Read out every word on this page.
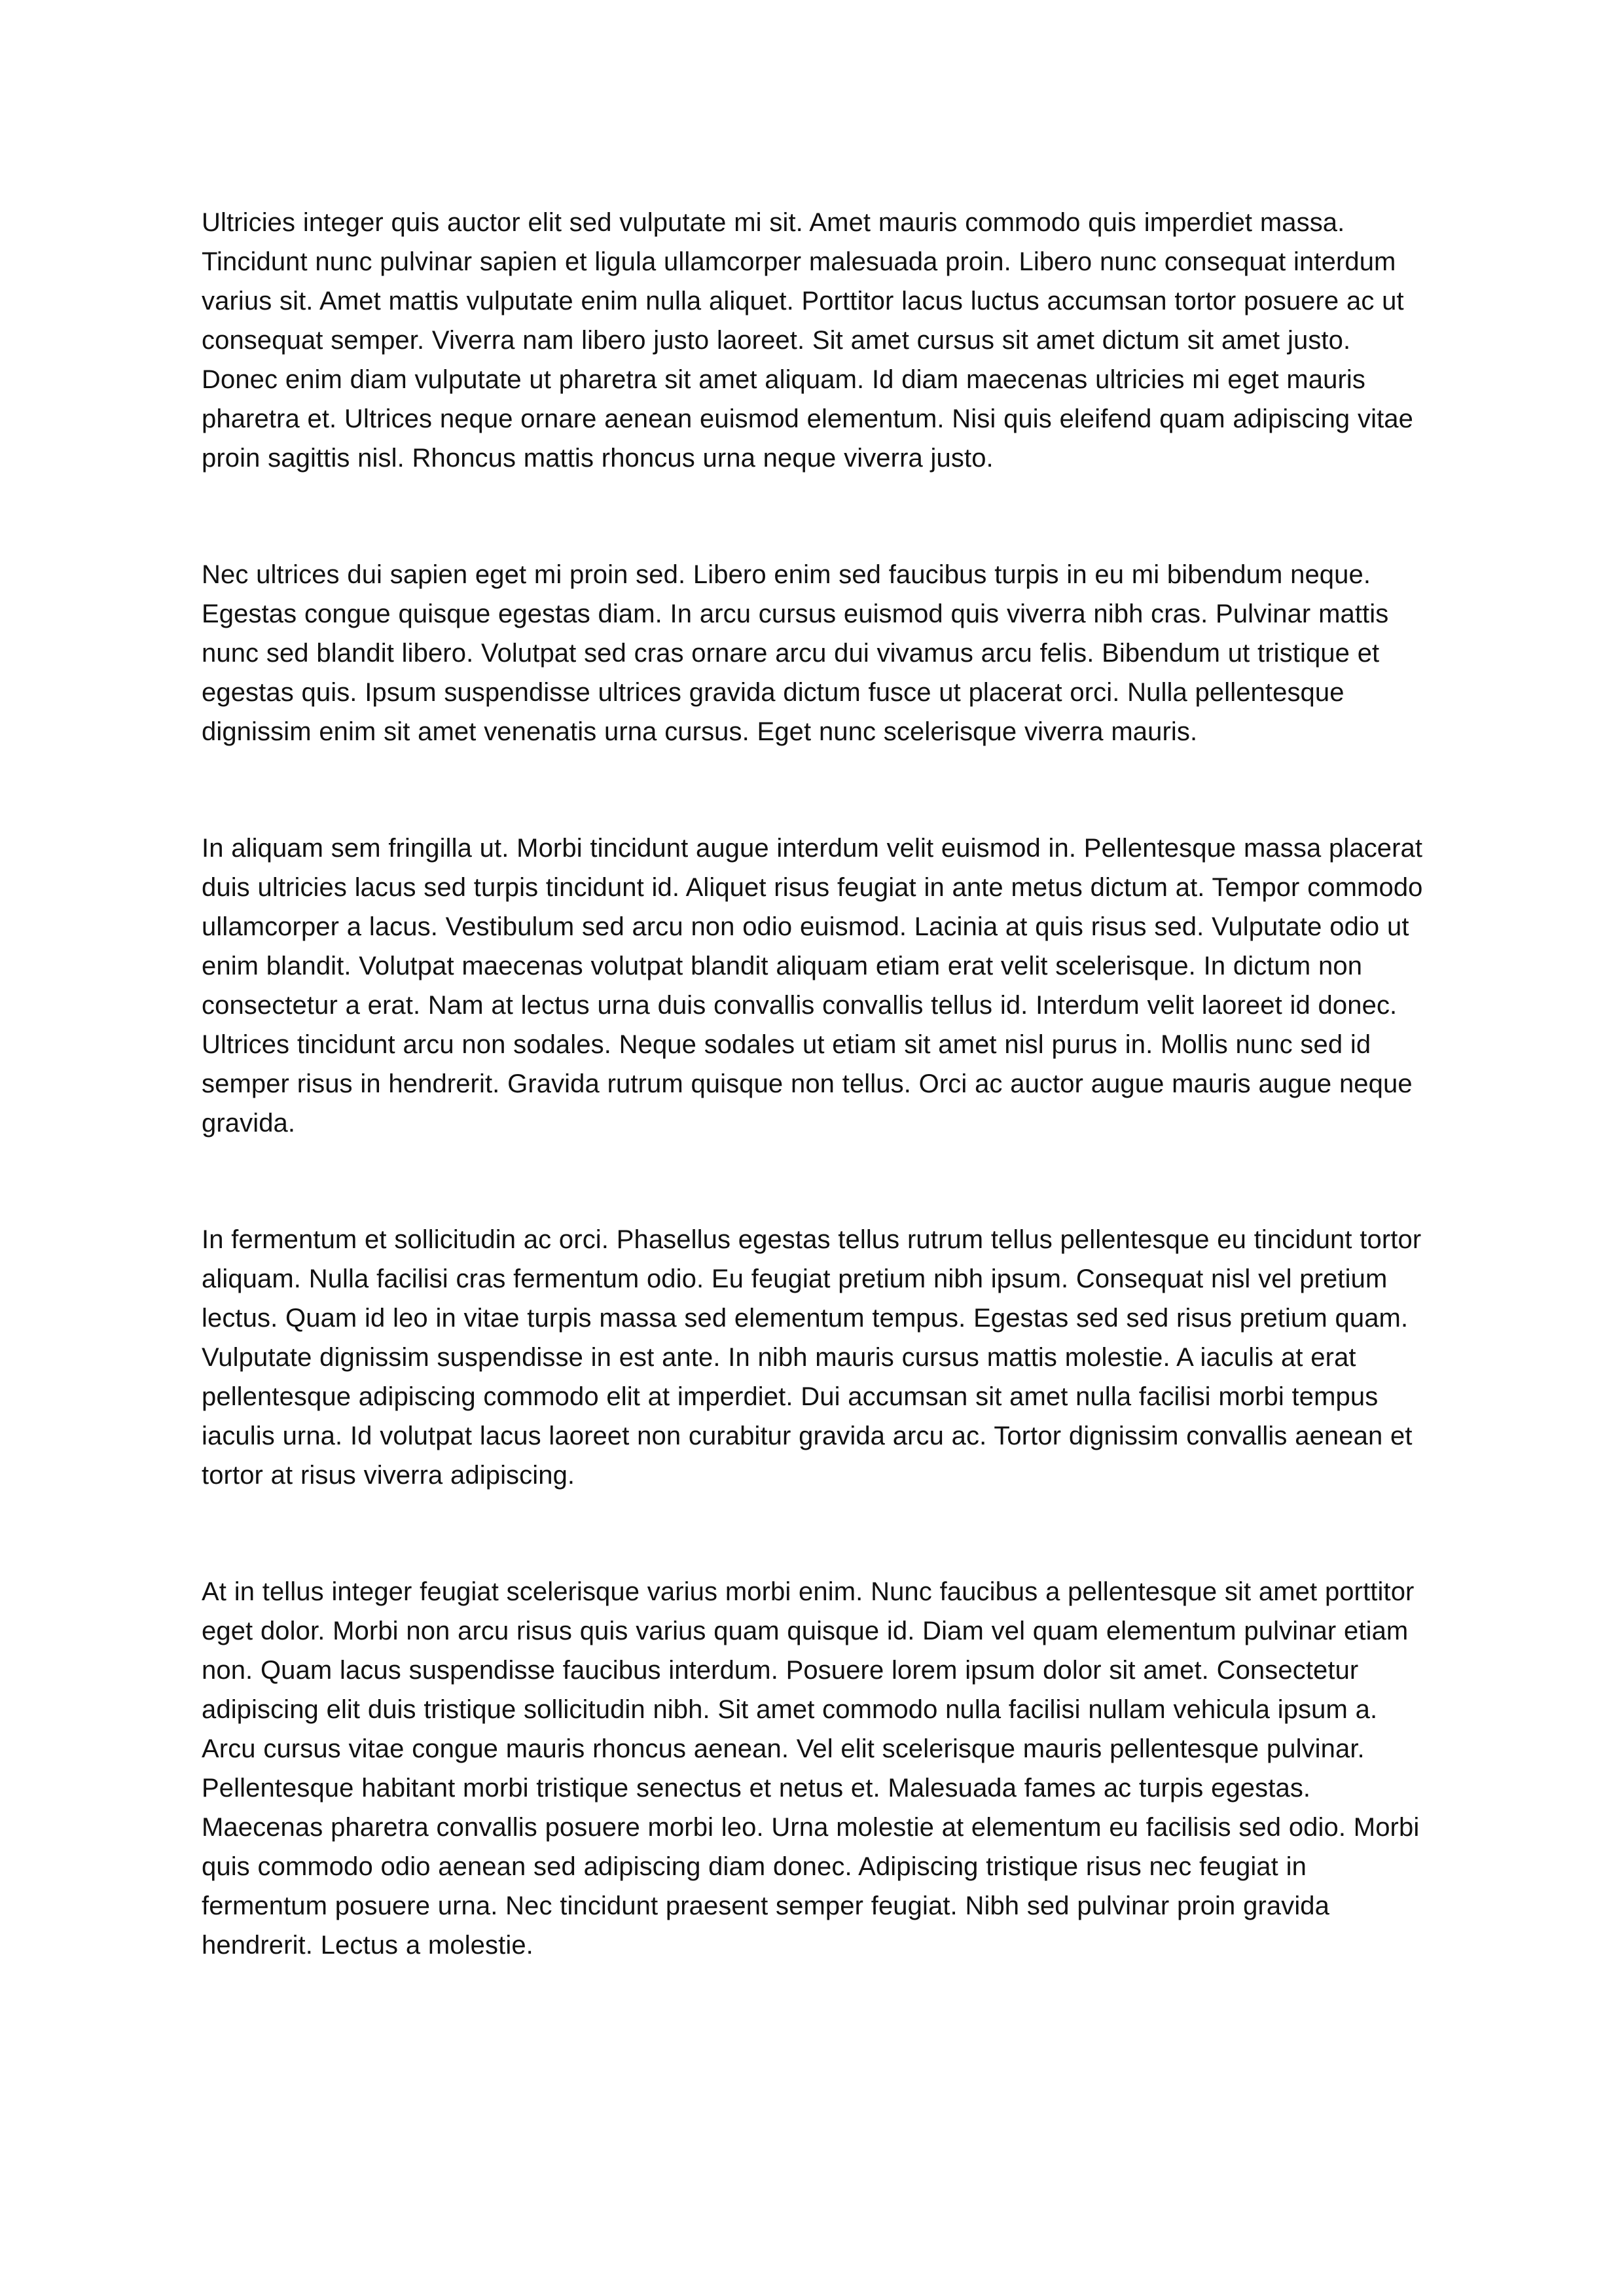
Ultricies integer quis auctor elit sed vulputate mi sit. Amet mauris commodo quis imperdiet massa. Tincidunt nunc pulvinar sapien et ligula ullamcorper malesuada proin. Libero nunc consequat interdum varius sit. Amet mattis vulputate enim nulla aliquet. Porttitor lacus luctus accumsan tortor posuere ac ut consequat semper. Viverra nam libero justo laoreet. Sit amet cursus sit amet dictum sit amet justo. Donec enim diam vulputate ut pharetra sit amet aliquam. Id diam maecenas ultricies mi eget mauris pharetra et. Ultrices neque ornare aenean euismod elementum. Nisi quis eleifend quam adipiscing vitae proin sagittis nisl. Rhoncus mattis rhoncus urna neque viverra justo.

Nec ultrices dui sapien eget mi proin sed. Libero enim sed faucibus turpis in eu mi bibendum neque. Egestas congue quisque egestas diam. In arcu cursus euismod quis viverra nibh cras. Pulvinar mattis nunc sed blandit libero. Volutpat sed cras ornare arcu dui vivamus arcu felis. Bibendum ut tristique et egestas quis. Ipsum suspendisse ultrices gravida dictum fusce ut placerat orci. Nulla pellentesque dignissim enim sit amet venenatis urna cursus. Eget nunc scelerisque viverra mauris.

In aliquam sem fringilla ut. Morbi tincidunt augue interdum velit euismod in. Pellentesque massa placerat duis ultricies lacus sed turpis tincidunt id. Aliquet risus feugiat in ante metus dictum at. Tempor commodo ullamcorper a lacus. Vestibulum sed arcu non odio euismod. Lacinia at quis risus sed. Vulputate odio ut enim blandit. Volutpat maecenas volutpat blandit aliquam etiam erat velit scelerisque. In dictum non consectetur a erat. Nam at lectus urna duis convallis convallis tellus id. Interdum velit laoreet id donec. Ultrices tincidunt arcu non sodales. Neque sodales ut etiam sit amet nisl purus in. Mollis nunc sed id semper risus in hendrerit. Gravida rutrum quisque non tellus. Orci ac auctor augue mauris augue neque gravida.

In fermentum et sollicitudin ac orci. Phasellus egestas tellus rutrum tellus pellentesque eu tincidunt tortor aliquam. Nulla facilisi cras fermentum odio. Eu feugiat pretium nibh ipsum. Consequat nisl vel pretium lectus. Quam id leo in vitae turpis massa sed elementum tempus. Egestas sed sed risus pretium quam. Vulputate dignissim suspendisse in est ante. In nibh mauris cursus mattis molestie. A iaculis at erat pellentesque adipiscing commodo elit at imperdiet. Dui accumsan sit amet nulla facilisi morbi tempus iaculis urna. Id volutpat lacus laoreet non curabitur gravida arcu ac. Tortor dignissim convallis aenean et tortor at risus viverra adipiscing.

At in tellus integer feugiat scelerisque varius morbi enim. Nunc faucibus a pellentesque sit amet porttitor eget dolor. Morbi non arcu risus quis varius quam quisque id. Diam vel quam elementum pulvinar etiam non. Quam lacus suspendisse faucibus interdum. Posuere lorem ipsum dolor sit amet. Consectetur adipiscing elit duis tristique sollicitudin nibh. Sit amet commodo nulla facilisi nullam vehicula ipsum a. Arcu cursus vitae congue mauris rhoncus aenean. Vel elit scelerisque mauris pellentesque pulvinar. Pellentesque habitant morbi tristique senectus et netus et. Malesuada fames ac turpis egestas. Maecenas pharetra convallis posuere morbi leo. Urna molestie at elementum eu facilisis sed odio. Morbi quis commodo odio aenean sed adipiscing diam donec. Adipiscing tristique risus nec feugiat in fermentum posuere urna. Nec tincidunt praesent semper feugiat. Nibh sed pulvinar proin gravida hendrerit. Lectus a molestie.
